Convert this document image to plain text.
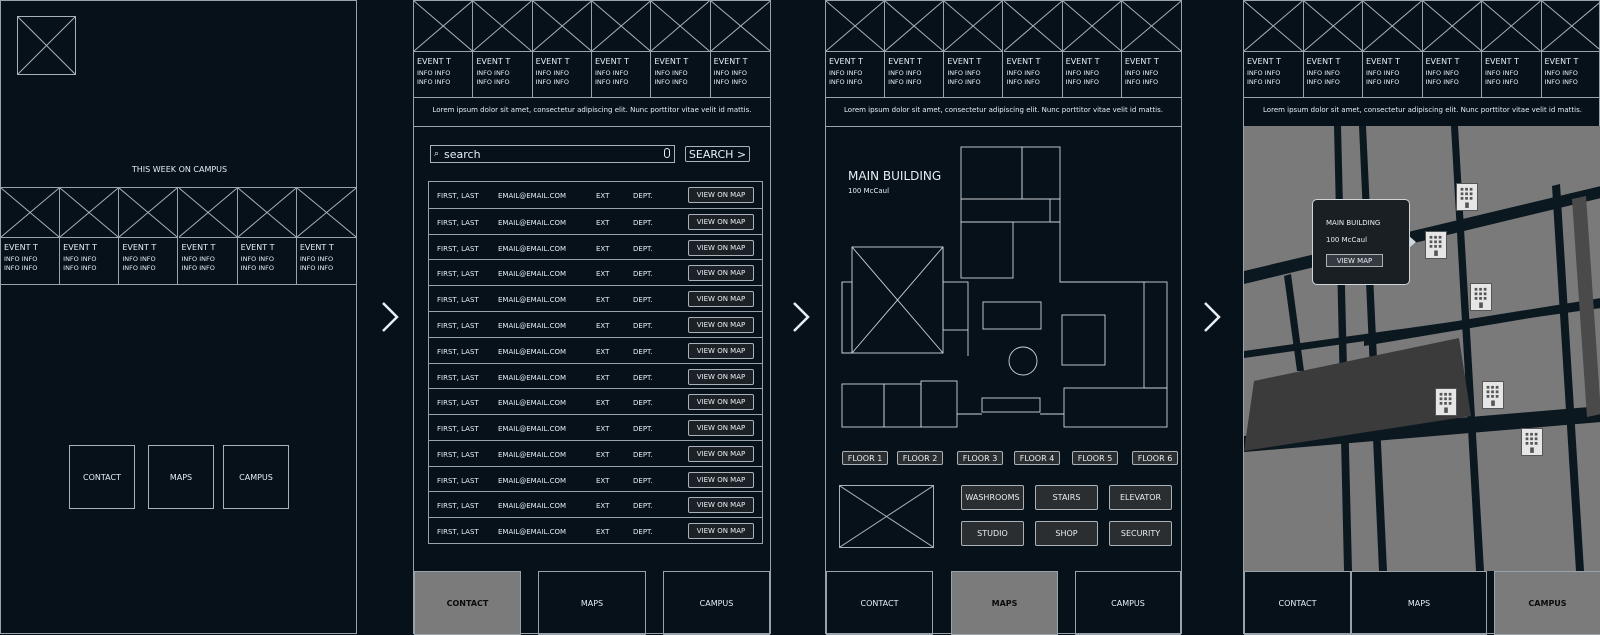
THIS WEEK ON CAMPUS
EVENT T
INFO INFO
INFO INFO
EVENT T
INFO INFO
INFO INFO
EVENT T
INFO INFO
INFO INFO
EVENT T
INFO INFO
INFO INFO
EVENT T
INFO INFO
INFO INFO
EVENT T
INFO INFO
INFO INFO
CONTACT	MAPS	CAMPUS
EVENT T
INFO INFO
INFO INFO
EVENT T
INFO INFO
INFO INFO
EVENT T
INFO INFO
INFO INFO
EVENT T
INFO INFO
INFO INFO
EVENT T
INFO INFO
INFO INFO
EVENT T
INFO INFO
INFO INFO
Lorem ipsum dolor sit amet, consectetur adipiscing elit. Nunc porttitor vitae velit id mattis.
⌕ search	SEARCH >
FIRST, LAST	EMAIL@EMAIL.COM	EXT	DEPT.	VIEW ON MAP
FIRST, LAST	EMAIL@EMAIL.COM	EXT	DEPT.	VIEW ON MAP
FIRST, LAST	EMAIL@EMAIL.COM	EXT	DEPT.	VIEW ON MAP
FIRST, LAST	EMAIL@EMAIL.COM	EXT	DEPT.	VIEW ON MAP
FIRST, LAST	EMAIL@EMAIL.COM	EXT	DEPT.	VIEW ON MAP
FIRST, LAST	EMAIL@EMAIL.COM	EXT	DEPT.	VIEW ON MAP
FIRST, LAST	EMAIL@EMAIL.COM	EXT	DEPT.	VIEW ON MAP
FIRST, LAST	EMAIL@EMAIL.COM	EXT	DEPT.	VIEW ON MAP
FIRST, LAST	EMAIL@EMAIL.COM	EXT	DEPT.	VIEW ON MAP
FIRST, LAST	EMAIL@EMAIL.COM	EXT	DEPT.	VIEW ON MAP
FIRST, LAST	EMAIL@EMAIL.COM	EXT	DEPT.	VIEW ON MAP
FIRST, LAST	EMAIL@EMAIL.COM	EXT	DEPT.	VIEW ON MAP
FIRST, LAST	EMAIL@EMAIL.COM	EXT	DEPT.	VIEW ON MAP
FIRST, LAST	EMAIL@EMAIL.COM	EXT	DEPT.	VIEW ON MAP
CONTACT	MAPS	CAMPUS
EVENT T
INFO INFO
INFO INFO
EVENT T
INFO INFO
INFO INFO
EVENT T
INFO INFO
INFO INFO
EVENT T
INFO INFO
INFO INFO
EVENT T
INFO INFO
INFO INFO
EVENT T
INFO INFO
INFO INFO
Lorem ipsum dolor sit amet, consectetur adipiscing elit. Nunc porttitor vitae velit id mattis.
MAIN BUILDING
100 McCaul
FLOOR 1	FLOOR 2	FLOOR 3	FLOOR 4	FLOOR 5	FLOOR 6
WASHROOMS	STAIRS	ELEVATOR
STUDIO	SHOP	SECURITY
CONTACT	MAPS	CAMPUS
EVENT T
INFO INFO
INFO INFO
EVENT T
INFO INFO
INFO INFO
EVENT T
INFO INFO
INFO INFO
EVENT T
INFO INFO
INFO INFO
EVENT T
INFO INFO
INFO INFO
EVENT T
INFO INFO
INFO INFO
Lorem ipsum dolor sit amet, consectetur adipiscing elit. Nunc porttitor vitae velit id mattis.
MAIN BUILDING
100 McCaul
VIEW MAP
CONTACT	MAPS	CAMPUS
